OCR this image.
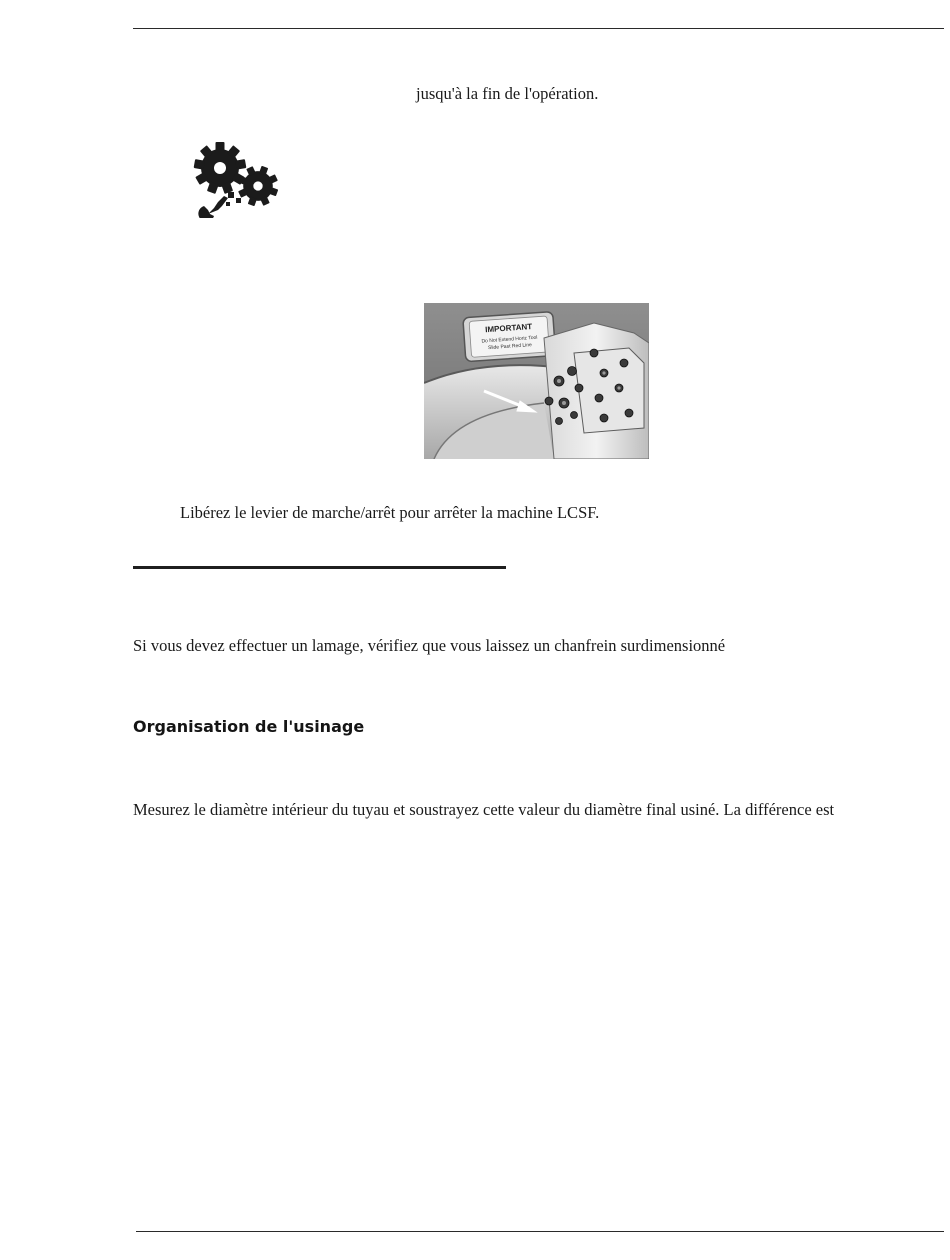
jusqu'à la fin de l'opération.

IMPORTANT
Do Not Extend Horiz Tool
Slide Past Red Line

Libérez le levier de marche/arrêt pour arrêter la machine LCSF.

Si vous devez effectuer un lamage, vérifiez que vous laissez un chanfrein surdimensionné

Organisation de l'usinage

Mesurez le diamètre intérieur du tuyau et soustrayez cette valeur du diamètre final usiné. La différence est
